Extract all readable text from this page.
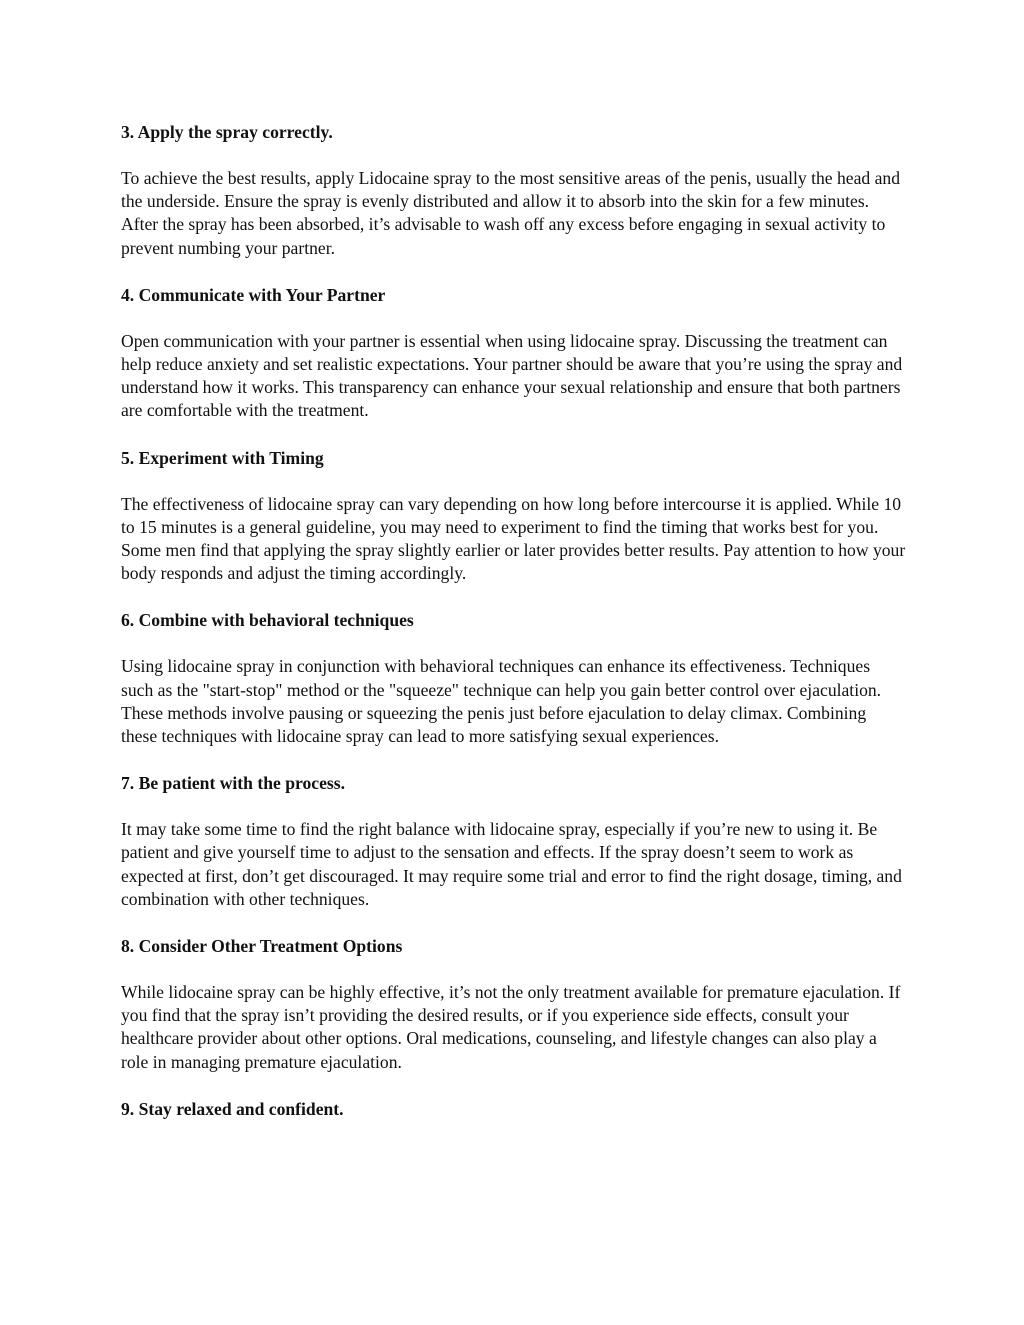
3. Apply the spray correctly.

To achieve the best results, apply Lidocaine spray to the most sensitive areas of the penis, usually the head and the underside. Ensure the spray is evenly distributed and allow it to absorb into the skin for a few minutes. After the spray has been absorbed, it’s advisable to wash off any excess before engaging in sexual activity to prevent numbing your partner.

4. Communicate with Your Partner

Open communication with your partner is essential when using lidocaine spray. Discussing the treatment can help reduce anxiety and set realistic expectations. Your partner should be aware that you’re using the spray and understand how it works. This transparency can enhance your sexual relationship and ensure that both partners are comfortable with the treatment.

5. Experiment with Timing

The effectiveness of lidocaine spray can vary depending on how long before intercourse it is applied. While 10 to 15 minutes is a general guideline, you may need to experiment to find the timing that works best for you. Some men find that applying the spray slightly earlier or later provides better results. Pay attention to how your body responds and adjust the timing accordingly.

6. Combine with behavioral techniques

Using lidocaine spray in conjunction with behavioral techniques can enhance its effectiveness. Techniques such as the "start-stop" method or the "squeeze" technique can help you gain better control over ejaculation. These methods involve pausing or squeezing the penis just before ejaculation to delay climax. Combining these techniques with lidocaine spray can lead to more satisfying sexual experiences.

7. Be patient with the process.

It may take some time to find the right balance with lidocaine spray, especially if you’re new to using it. Be patient and give yourself time to adjust to the sensation and effects. If the spray doesn’t seem to work as expected at first, don’t get discouraged. It may require some trial and error to find the right dosage, timing, and combination with other techniques.

8. Consider Other Treatment Options

While lidocaine spray can be highly effective, it’s not the only treatment available for premature ejaculation. If you find that the spray isn’t providing the desired results, or if you experience side effects, consult your healthcare provider about other options. Oral medications, counseling, and lifestyle changes can also play a role in managing premature ejaculation.

9. Stay relaxed and confident.
